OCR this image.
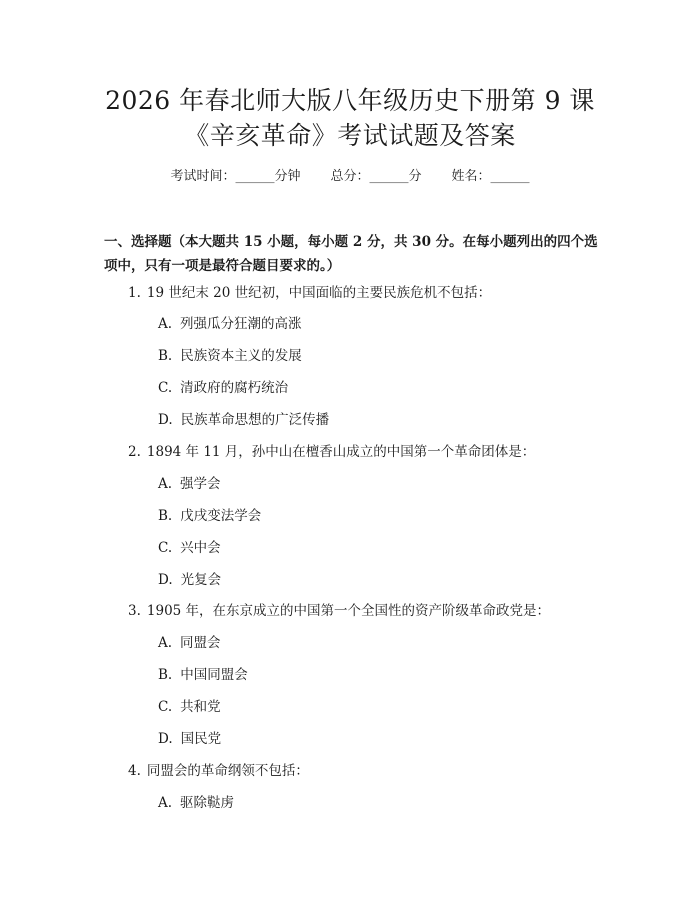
2026 年春北师大版八年级历史下册第 9 课
《辛亥革命》考试试题及答案
考试时间：______分钟 总分：______分 姓名：______
一、选择题（本大题共 15 小题，每小题 2 分，共 30 分。在每小题列出的四个选项中，只有一项是最符合题目要求的。）
1. 19 世纪末 20 世纪初，中国面临的主要民族危机不包括：
A. 列强瓜分狂潮的高涨
B. 民族资本主义的发展
C. 清政府的腐朽统治
D. 民族革命思想的广泛传播
2. 1894 年 11 月，孙中山在檀香山成立的中国第一个革命团体是：
A. 强学会
B. 戊戌变法学会
C. 兴中会
D. 光复会
3. 1905 年，在东京成立的中国第一个全国性的资产阶级革命政党是：
A. 同盟会
B. 中国同盟会
C. 共和党
D. 国民党
4. 同盟会的革命纲领不包括：
A. 驱除鞑虏
